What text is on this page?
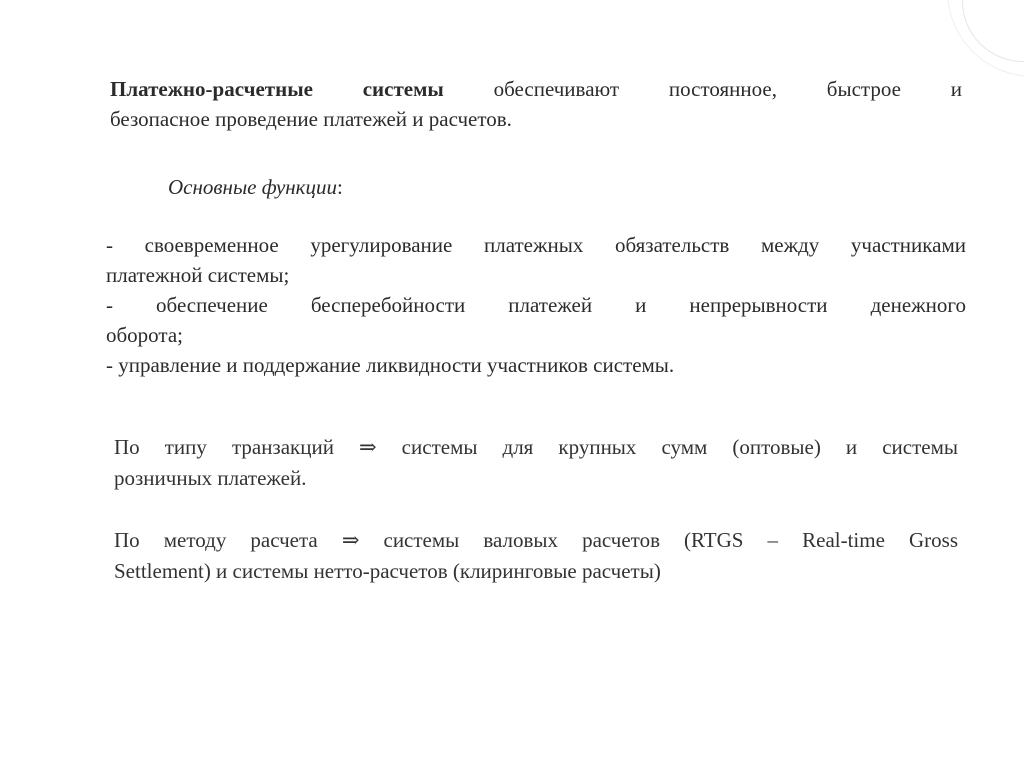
Платежно-расчетные системы обеспечивают постоянное, быстрое и
безопасное проведение платежей и расчетов.
Основные функции:
- своевременное урегулирование платежных обязательств между участниками
платежной системы;
- обеспечение бесперебойности платежей и непрерывности денежного
оборота;
- управление и поддержание ликвидности участников системы.
По типу транзакций ⇒ системы для крупных сумм (оптовые) и системы
розничных платежей.
По методу расчета ⇒ системы валовых расчетов (RTGS – Real-time Gross
Settlement) и системы нетто-расчетов (клиринговые расчеты)
